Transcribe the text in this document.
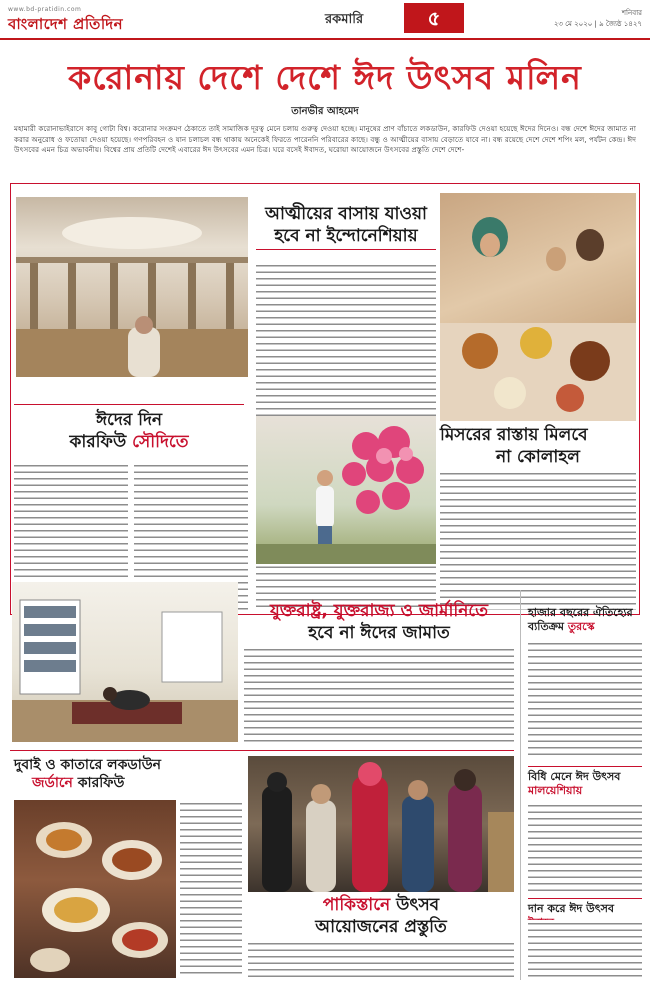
www.bd-pratidin.com
বাংলাদেশ প্রতিদিন	রকমারি	৫	শনিবার
২৩ মে ২০২০ | ৯ জ্যৈষ্ঠ ১৪২৭
করোনায় দেশে দেশে ঈদ উৎসব মলিন
তানভীর আহমেদ
মহামারী করোনাভাইরাসে কাবু গোটা বিশ্ব। করোনার সংক্রমণ ঠেকাতে তাই সামাজিক দূরত্ব মেনে চলায় গুরুত্ব দেওয়া হচ্ছে। মানুষের প্রাণ বাঁচাতে লকডাউন, কারফিউ দেওয়া হয়েছে ঈদের দিনেও। বন্ধ দেশে ঈদের জামাত না করার অনুরোধ ও ফতোয়া দেওয়া হয়েছে। গণপরিবহন ও যান চলাচল বন্ধ থাকায় অনেকেই ফিরতে পারেননি পরিবারের কাছে। বন্ধু ও আত্মীয়ের বাসায় বেড়াতে যাবে না। বন্ধ রয়েছে দেশে দেশে শপিং মল, পর্যটন কেন্দ্র। ঈদ উৎসবের এমন চিত্র অভাবনীয়। বিশ্বের প্রায় প্রতিটি দেশেই এবারের ঈদ উৎসবের এমন চিত্র। ঘরে বসেই ঈবাদত, ঘরোয়া আয়োজনে উৎসবের প্রস্তুতি দেশে দেশে-
আত্মীয়ের বাসায় যাওয়া হবে না ইন্দোনেশিয়ায়
ঈদের দিন
কারফিউ সৌদিতে	মিসরের রাস্তায় মিলবে
না কোলাহল
যুক্তরাষ্ট্র, যুক্তরাজ্য ও জার্মানিতে
হবে না ঈদের জামাত
হাজার বছরের ঐতিহ্যের
ব্যতিক্রম তুরস্কে
বিধি মেনে ঈদ উৎসব
মালয়েশিয়ায়
দুবাই ও কাতারে লকডাউন
জর্ডানে কারফিউ
পাকিস্তানে উৎসব
আয়োজনের প্রস্তুতি
দান করে ঈদ উৎসব
